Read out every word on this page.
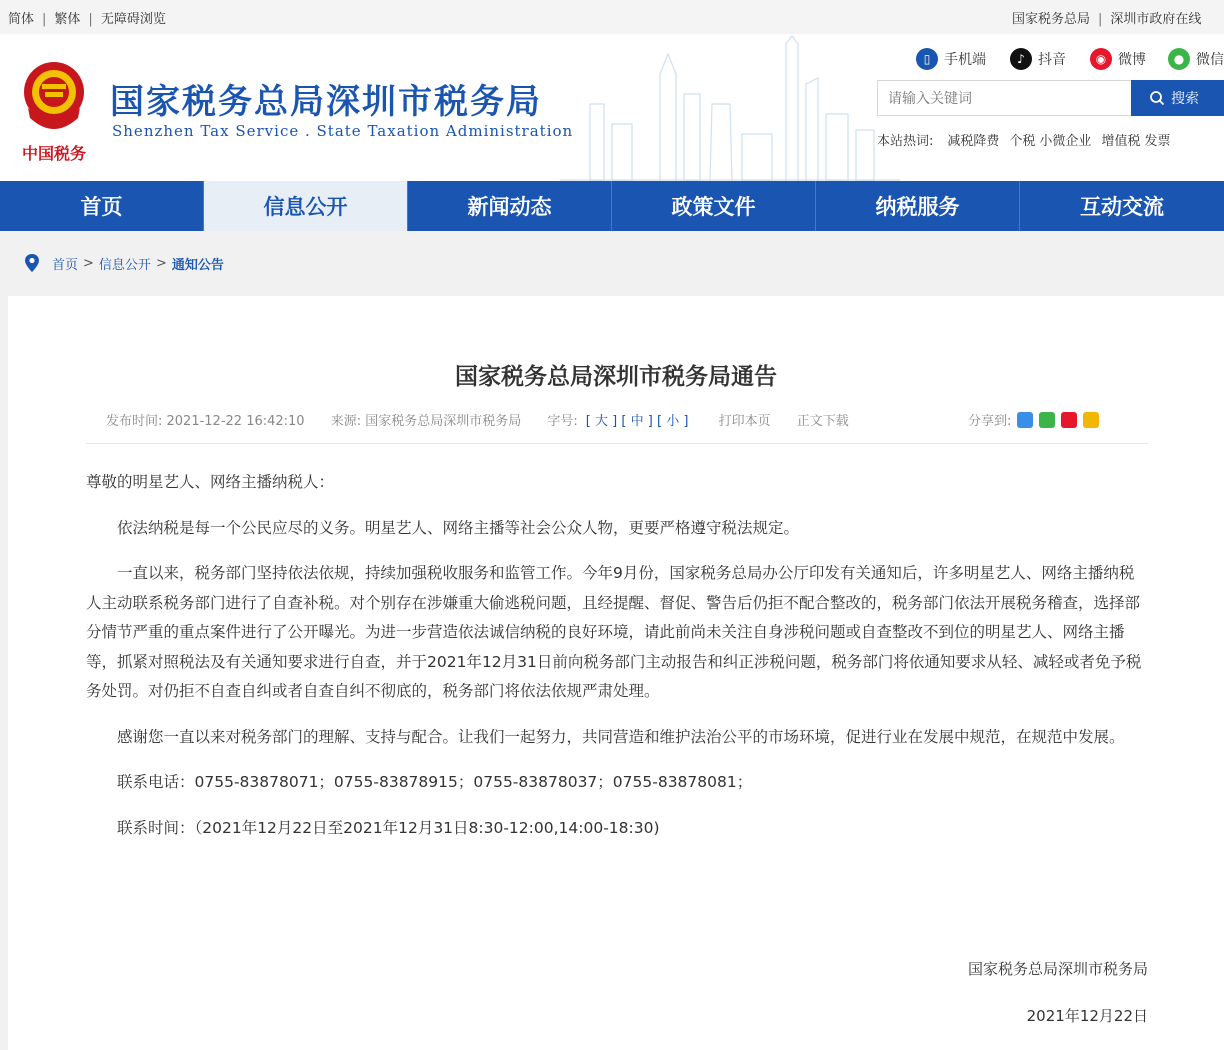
简体 | 繁体 | 无障碍浏览	国家税务总局 | 深圳市政府在线
中国税务
国家税务总局深圳市税务局
Shenzhen Tax Service . State Taxation Administration
▯ 手机端	♪ 抖音	◉ 微博	● 微信
请输入关键词
搜索
本站热词: 减税降费 个税 小微企业 增值税 发票
首页	信息公开	新闻动态	政策文件	纳税服务	互动交流
首页 > 信息公开 > 通知公告
国家税务总局深圳市税务局通告
发布时间: 2021-12-22 16:42:10 来源: 国家税务总局深圳市税务局 字号: [ 大 ] [ 中 ] [ 小 ] 打印本页 正文下载	分享到:

尊敬的明星艺人、网络主播纳税人：

依法纳税是每一个公民应尽的义务。明星艺人、网络主播等社会公众人物，更要严格遵守税法规定。

一直以来，税务部门坚持依法依规，持续加强税收服务和监管工作。今年9月份，国家税务总局办公厅印发有关通知后，许多明星艺人、网络主播纳税人主动联系税务部门进行了自查补税。对个别存在涉嫌重大偷逃税问题，且经提醒、督促、警告后仍拒不配合整改的，税务部门依法开展税务稽查，选择部分情节严重的重点案件进行了公开曝光。为进一步营造依法诚信纳税的良好环境，请此前尚未关注自身涉税问题或自查整改不到位的明星艺人、网络主播等，抓紧对照税法及有关通知要求进行自查，并于2021年12月31日前向税务部门主动报告和纠正涉税问题，税务部门将依通知要求从轻、减轻或者免予税务处罚。对仍拒不自查自纠或者自查自纠不彻底的，税务部门将依法依规严肃处理。

感谢您一直以来对税务部门的理解、支持与配合。让我们一起努力，共同营造和维护法治公平的市场环境，促进行业在发展中规范，在规范中发展。

联系电话：0755-83878071；0755-83878915；0755-83878037；0755-83878081；

联系时间：（2021年12月22日至2021年12月31日8:30-12:00,14:00-18:30)

国家税务总局深圳市税务局
2021年12月22日
